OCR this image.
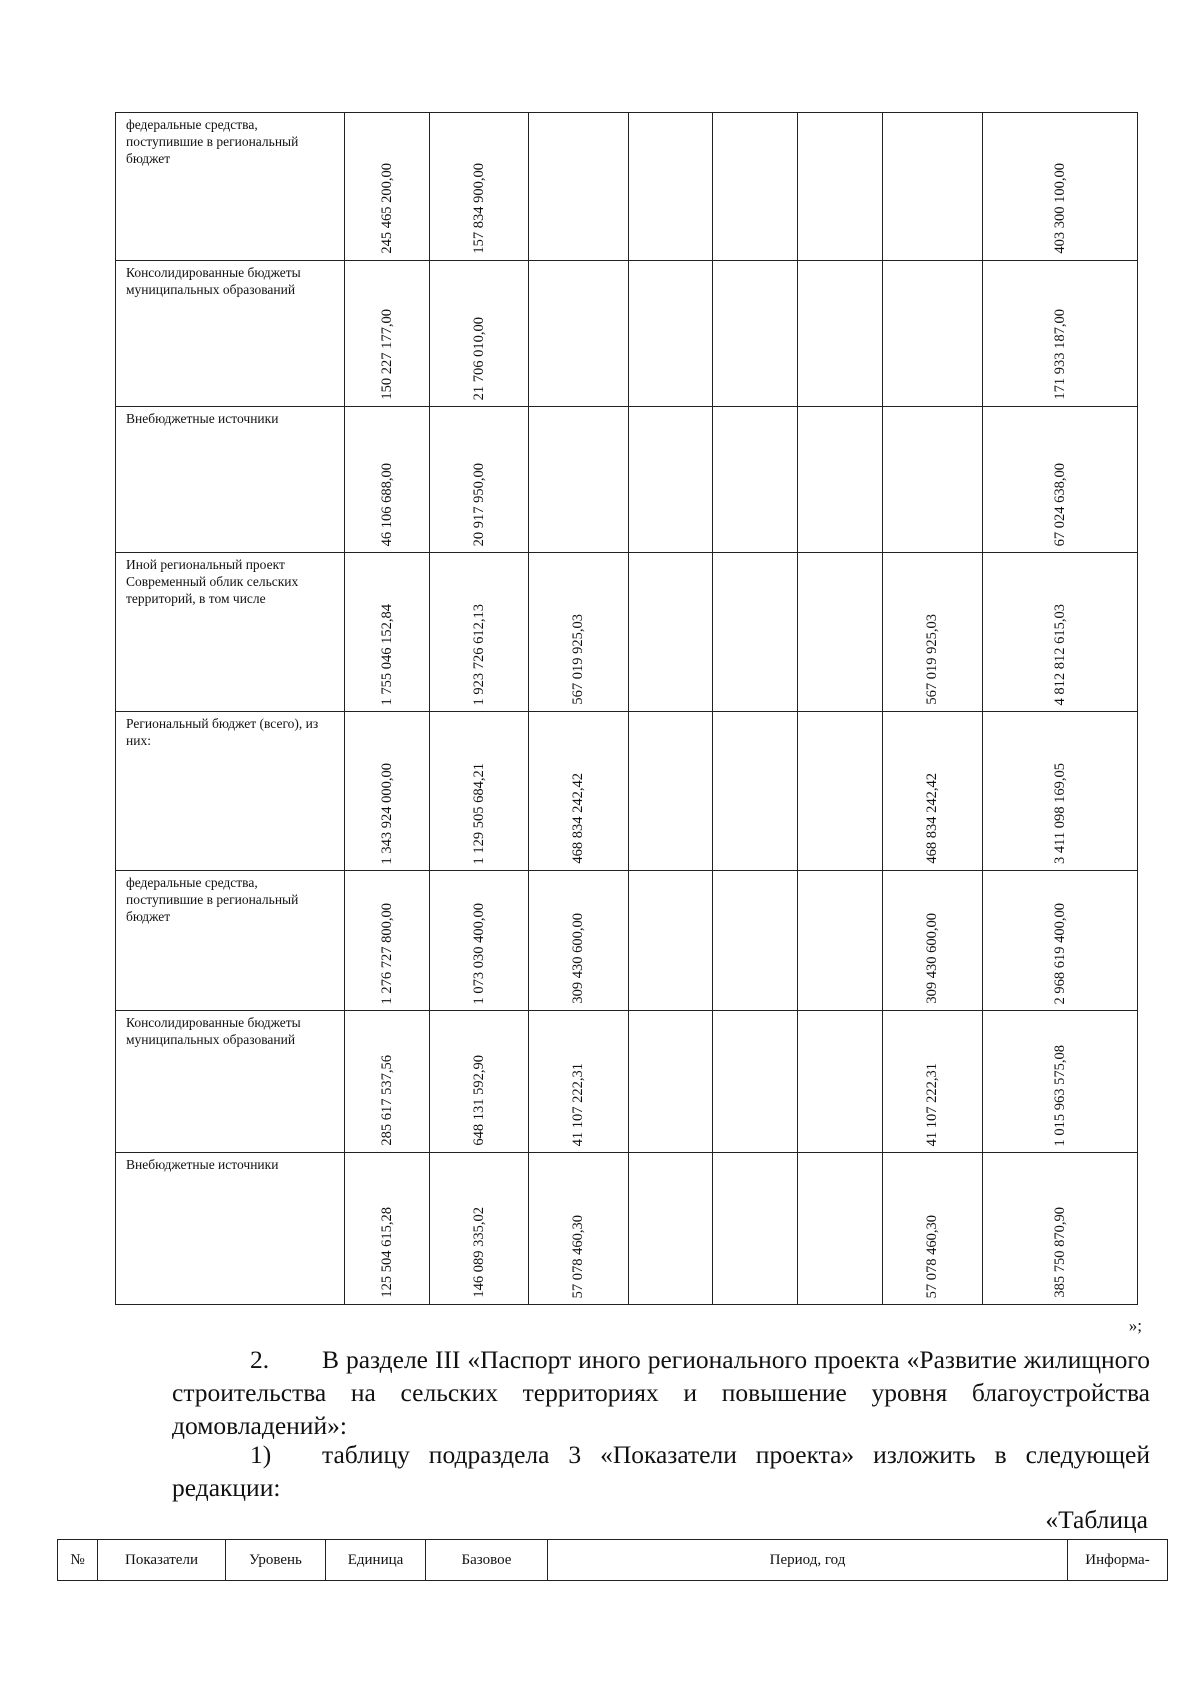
федеральные средства, поступившие в региональный бюджет	245 465 200,00	157 834 900,00						403 300 100,00

Консолидированные бюджеты муниципальных образований	150 227 177,00	21 706 010,00						171 933 187,00

Внебюджетные источники	46 106 688,00	20 917 950,00						67 024 638,00

Иной региональный проект Современный облик сельских территорий, в том числе	1 755 046 152,84	1 923 726 612,13	567 019 925,03				567 019 925,03	4 812 812 615,03

Региональный бюджет (всего), из них:	1 343 924 000,00	1 129 505 684,21	468 834 242,42				468 834 242,42	3 411 098 169,05

федеральные средства, поступившие в региональный бюджет	1 276 727 800,00	1 073 030 400,00	309 430 600,00				309 430 600,00	2 968 619 400,00

Консолидированные бюджеты муниципальных образований	285 617 537,56	648 131 592,90	41 107 222,31				41 107 222,31	1 015 963 575,08

Внебюджетные источники	125 504 615,28	146 089 335,02	57 078 460,30				57 078 460,30	385 750 870,90
»;
2. В разделе III «Паспорт иного регионального проекта «Развитие жилищного строительства на сельских территориях и повышение уровня благоустройства домовладений»:
1) таблицу подраздела 3 «Показатели проекта» изложить в следующей редакции:
«Таблица
№	Показатели	Уровень	Единица	Базовое	Период, год	Информа-
